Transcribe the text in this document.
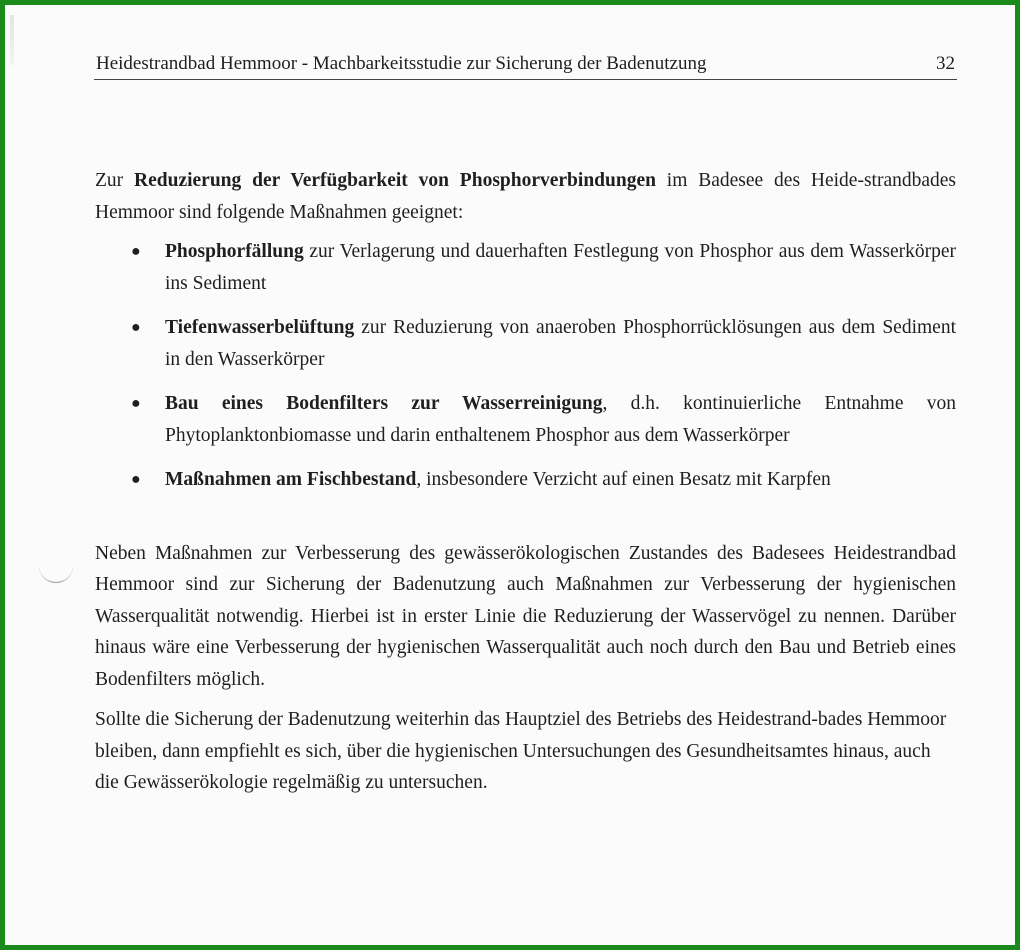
Heidestrandbad Hemmoor - Machbarkeitsstudie zur Sicherung der Badenutzung	32

Zur Reduzierung der Verfügbarkeit von Phosphorverbindungen im Badesee des Heide-strandbades Hemmoor sind folgende Maßnahmen geeignet:

● Phosphorfällung zur Verlagerung und dauerhaften Festlegung von Phosphor aus dem Wasserkörper ins Sediment
● Tiefenwasserbelüftung zur Reduzierung von anaeroben Phosphorrücklösungen aus dem Sediment in den Wasserkörper
● Bau eines Bodenfilters zur Wasserreinigung, d.h. kontinuierliche Entnahme von Phytoplanktonbiomasse und darin enthaltenem Phosphor aus dem Wasserkörper
● Maßnahmen am Fischbestand, insbesondere Verzicht auf einen Besatz mit Karpfen

Neben Maßnahmen zur Verbesserung des gewässerökologischen Zustandes des Badesees Heidestrandbad Hemmoor sind zur Sicherung der Badenutzung auch Maßnahmen zur Verbesserung der hygienischen Wasserqualität notwendig. Hierbei ist in erster Linie die Reduzierung der Wasservögel zu nennen. Darüber hinaus wäre eine Verbesserung der hygienischen Wasserqualität auch noch durch den Bau und Betrieb eines Bodenfilters möglich.

Sollte die Sicherung der Badenutzung weiterhin das Hauptziel des Betriebs des Heidestrand-bades Hemmoor bleiben, dann empfiehlt es sich, über die hygienischen Untersuchungen des Gesundheitsamtes hinaus, auch die Gewässerökologie regelmäßig zu untersuchen.
